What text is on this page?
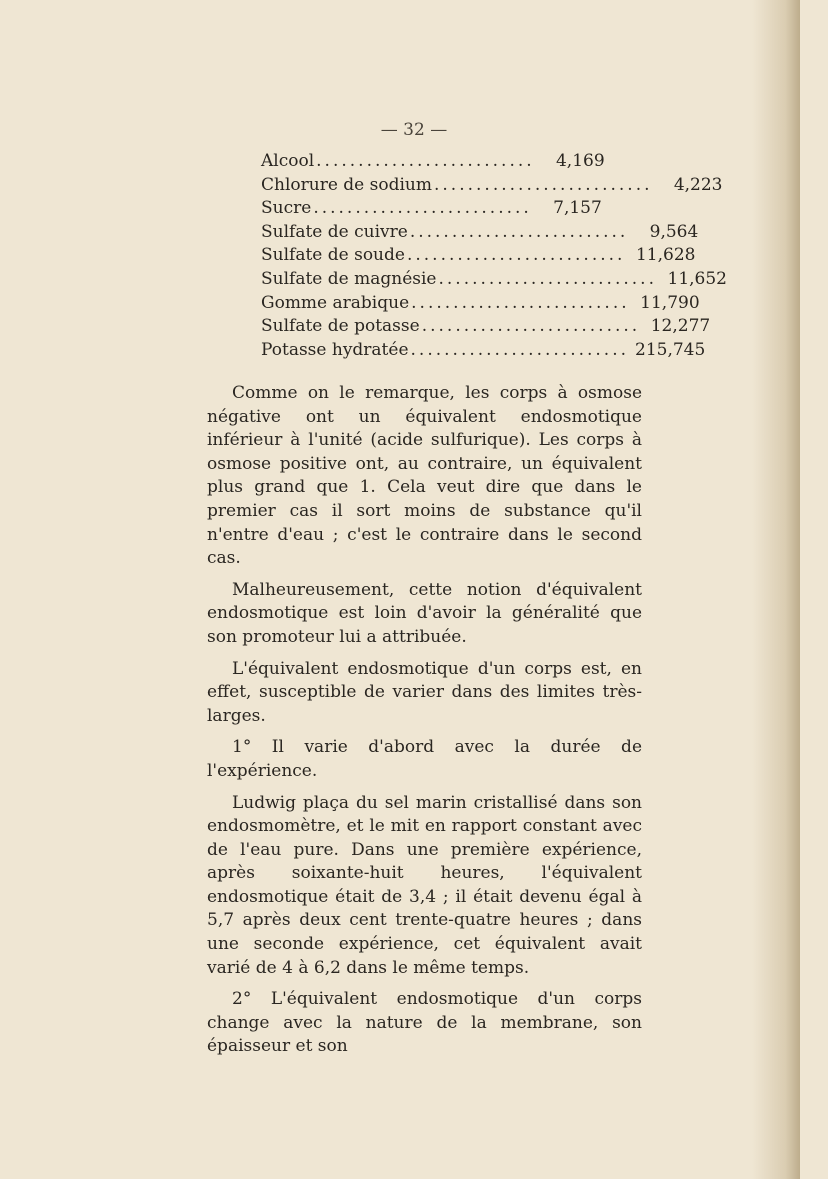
— 32 —
Alcool ..........................	4,169
Chlorure de sodium ..........................	4,223
Sucre ..........................	7,157
Sulfate de cuivre ..........................	9,564
Sulfate de soude .......................... 11,628
Sulfate de magnésie .......................... 11,652
Gomme arabique .......................... 11,790
Sulfate de potasse .......................... 12,277
Potasse hydratée .......................... 215,745

Comme on le remarque, les corps à osmose négative ont un équivalent endosmotique inférieur à l'unité (acide sulfurique). Les corps à osmose positive ont, au contraire, un équivalent plus grand que 1. Cela veut dire que dans le premier cas il sort moins de substance qu'il n'entre d'eau ; c'est le contraire dans le second cas.

Malheureusement, cette notion d'équivalent endosmotique est loin d'avoir la généralité que son promoteur lui a attribuée.

L'équivalent endosmotique d'un corps est, en effet, susceptible de varier dans des limites très-larges.

1° Il varie d'abord avec la durée de l'expérience.

Ludwig plaça du sel marin cristallisé dans son endosmomètre, et le mit en rapport constant avec de l'eau pure. Dans une première expérience, après soixante-huit heures, l'équivalent endosmotique était de 3,4 ; il était devenu égal à 5,7 après deux cent trente-quatre heures ; dans une seconde expérience, cet équivalent avait varié de 4 à 6,2 dans le même temps.

2° L'équivalent endosmotique d'un corps change avec la nature de la membrane, son épaisseur et son
